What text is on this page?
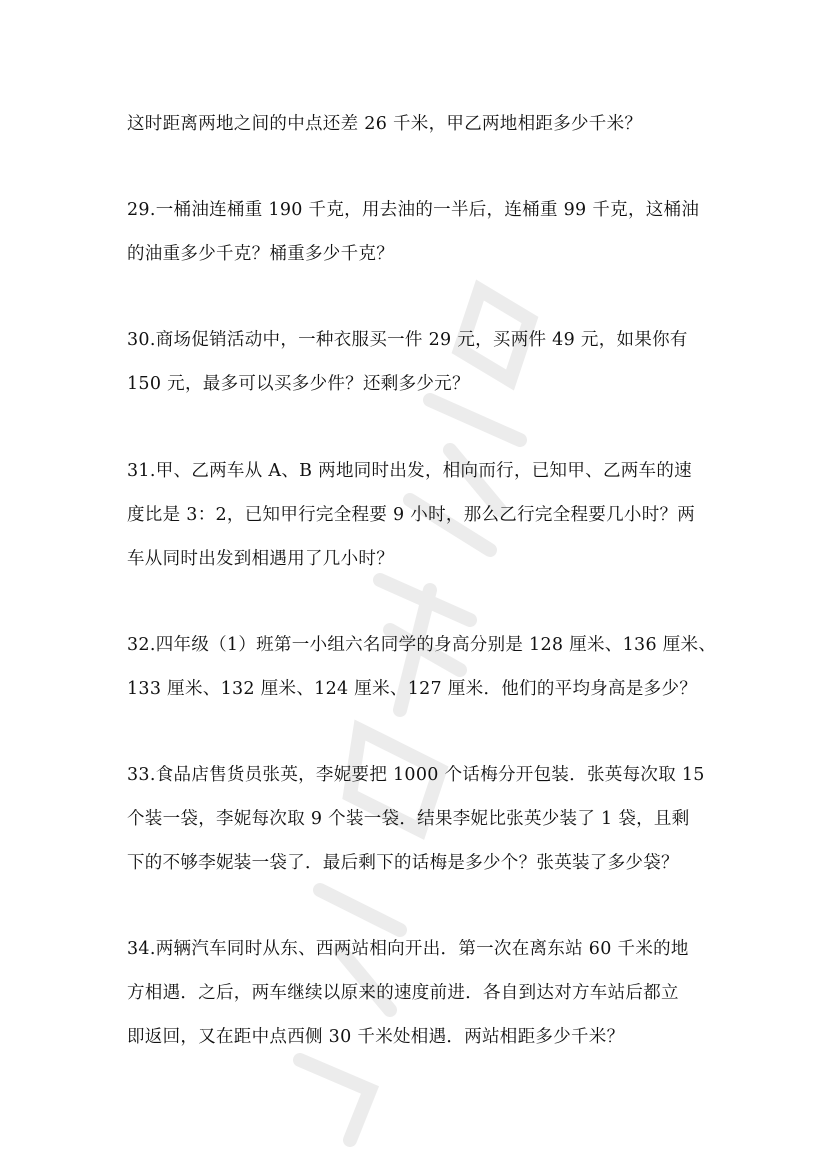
这时距离两地之间的中点还差 26 千米，甲乙两地相距多少千米？
29.一桶油连桶重 190 千克，用去油的一半后，连桶重 99 千克，这桶油
的油重多少千克？桶重多少千克？
30.商场促销活动中，一种衣服买一件 29 元，买两件 49 元，如果你有
150 元，最多可以买多少件？还剩多少元？
31.甲、乙两车从 A、B 两地同时出发，相向而行，已知甲、乙两车的速
度比是 3：2，已知甲行完全程要 9 小时，那么乙行完全程要几小时？两
车从同时出发到相遇用了几小时？
32.四年级（1）班第一小组六名同学的身高分别是 128 厘米、136 厘米、
133 厘米、132 厘米、124 厘米、127 厘米．他们的平均身高是多少？
33.食品店售货员张英，李妮要把 1000 个话梅分开包装．张英每次取 15
个装一袋，李妮每次取 9 个装一袋．结果李妮比张英少装了 1 袋，且剩
下的不够李妮装一袋了．最后剩下的话梅是多少个？张英装了多少袋？
34.两辆汽车同时从东、西两站相向开出．第一次在离东站 60 千米的地
方相遇．之后，两车继续以原来的速度前进．各自到达对方车站后都立
即返回，又在距中点西侧 30 千米处相遇．两站相距多少千米？
